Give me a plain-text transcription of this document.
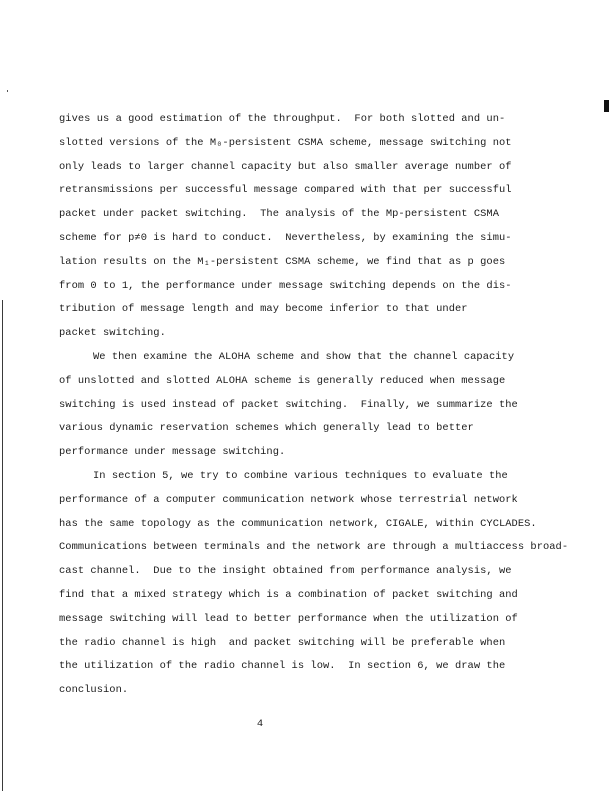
gives us a good estimation of the throughput.  For both slotted and un-
slotted versions of the M₀-persistent CSMA scheme, message switching not
only leads to larger channel capacity but also smaller average number of
retransmissions per successful message compared with that per successful
packet under packet switching.  The analysis of the Mp-persistent CSMA
scheme for p≠0 is hard to conduct.  Nevertheless, by examining the simu-
lation results on the M₁-persistent CSMA scheme, we find that as p goes
from 0 to 1, the performance under message switching depends on the dis-
tribution of message length and may become inferior to that under
packet switching.
We then examine the ALOHA scheme and show that the channel capacity
of unslotted and slotted ALOHA scheme is generally reduced when message
switching is used instead of packet switching.  Finally, we summarize the
various dynamic reservation schemes which generally lead to better
performance under message switching.
In section 5, we try to combine various techniques to evaluate the
performance of a computer communication network whose terrestrial network
has the same topology as the communication network, CIGALE, within CYCLADES.
Communications between terminals and the network are through a multiaccess broad-
cast channel.  Due to the insight obtained from performance analysis, we
find that a mixed strategy which is a combination of packet switching and
message switching will lead to better performance when the utilization of
the radio channel is high  and packet switching will be preferable when
the utilization of the radio channel is low.  In section 6, we draw the
conclusion.
4
